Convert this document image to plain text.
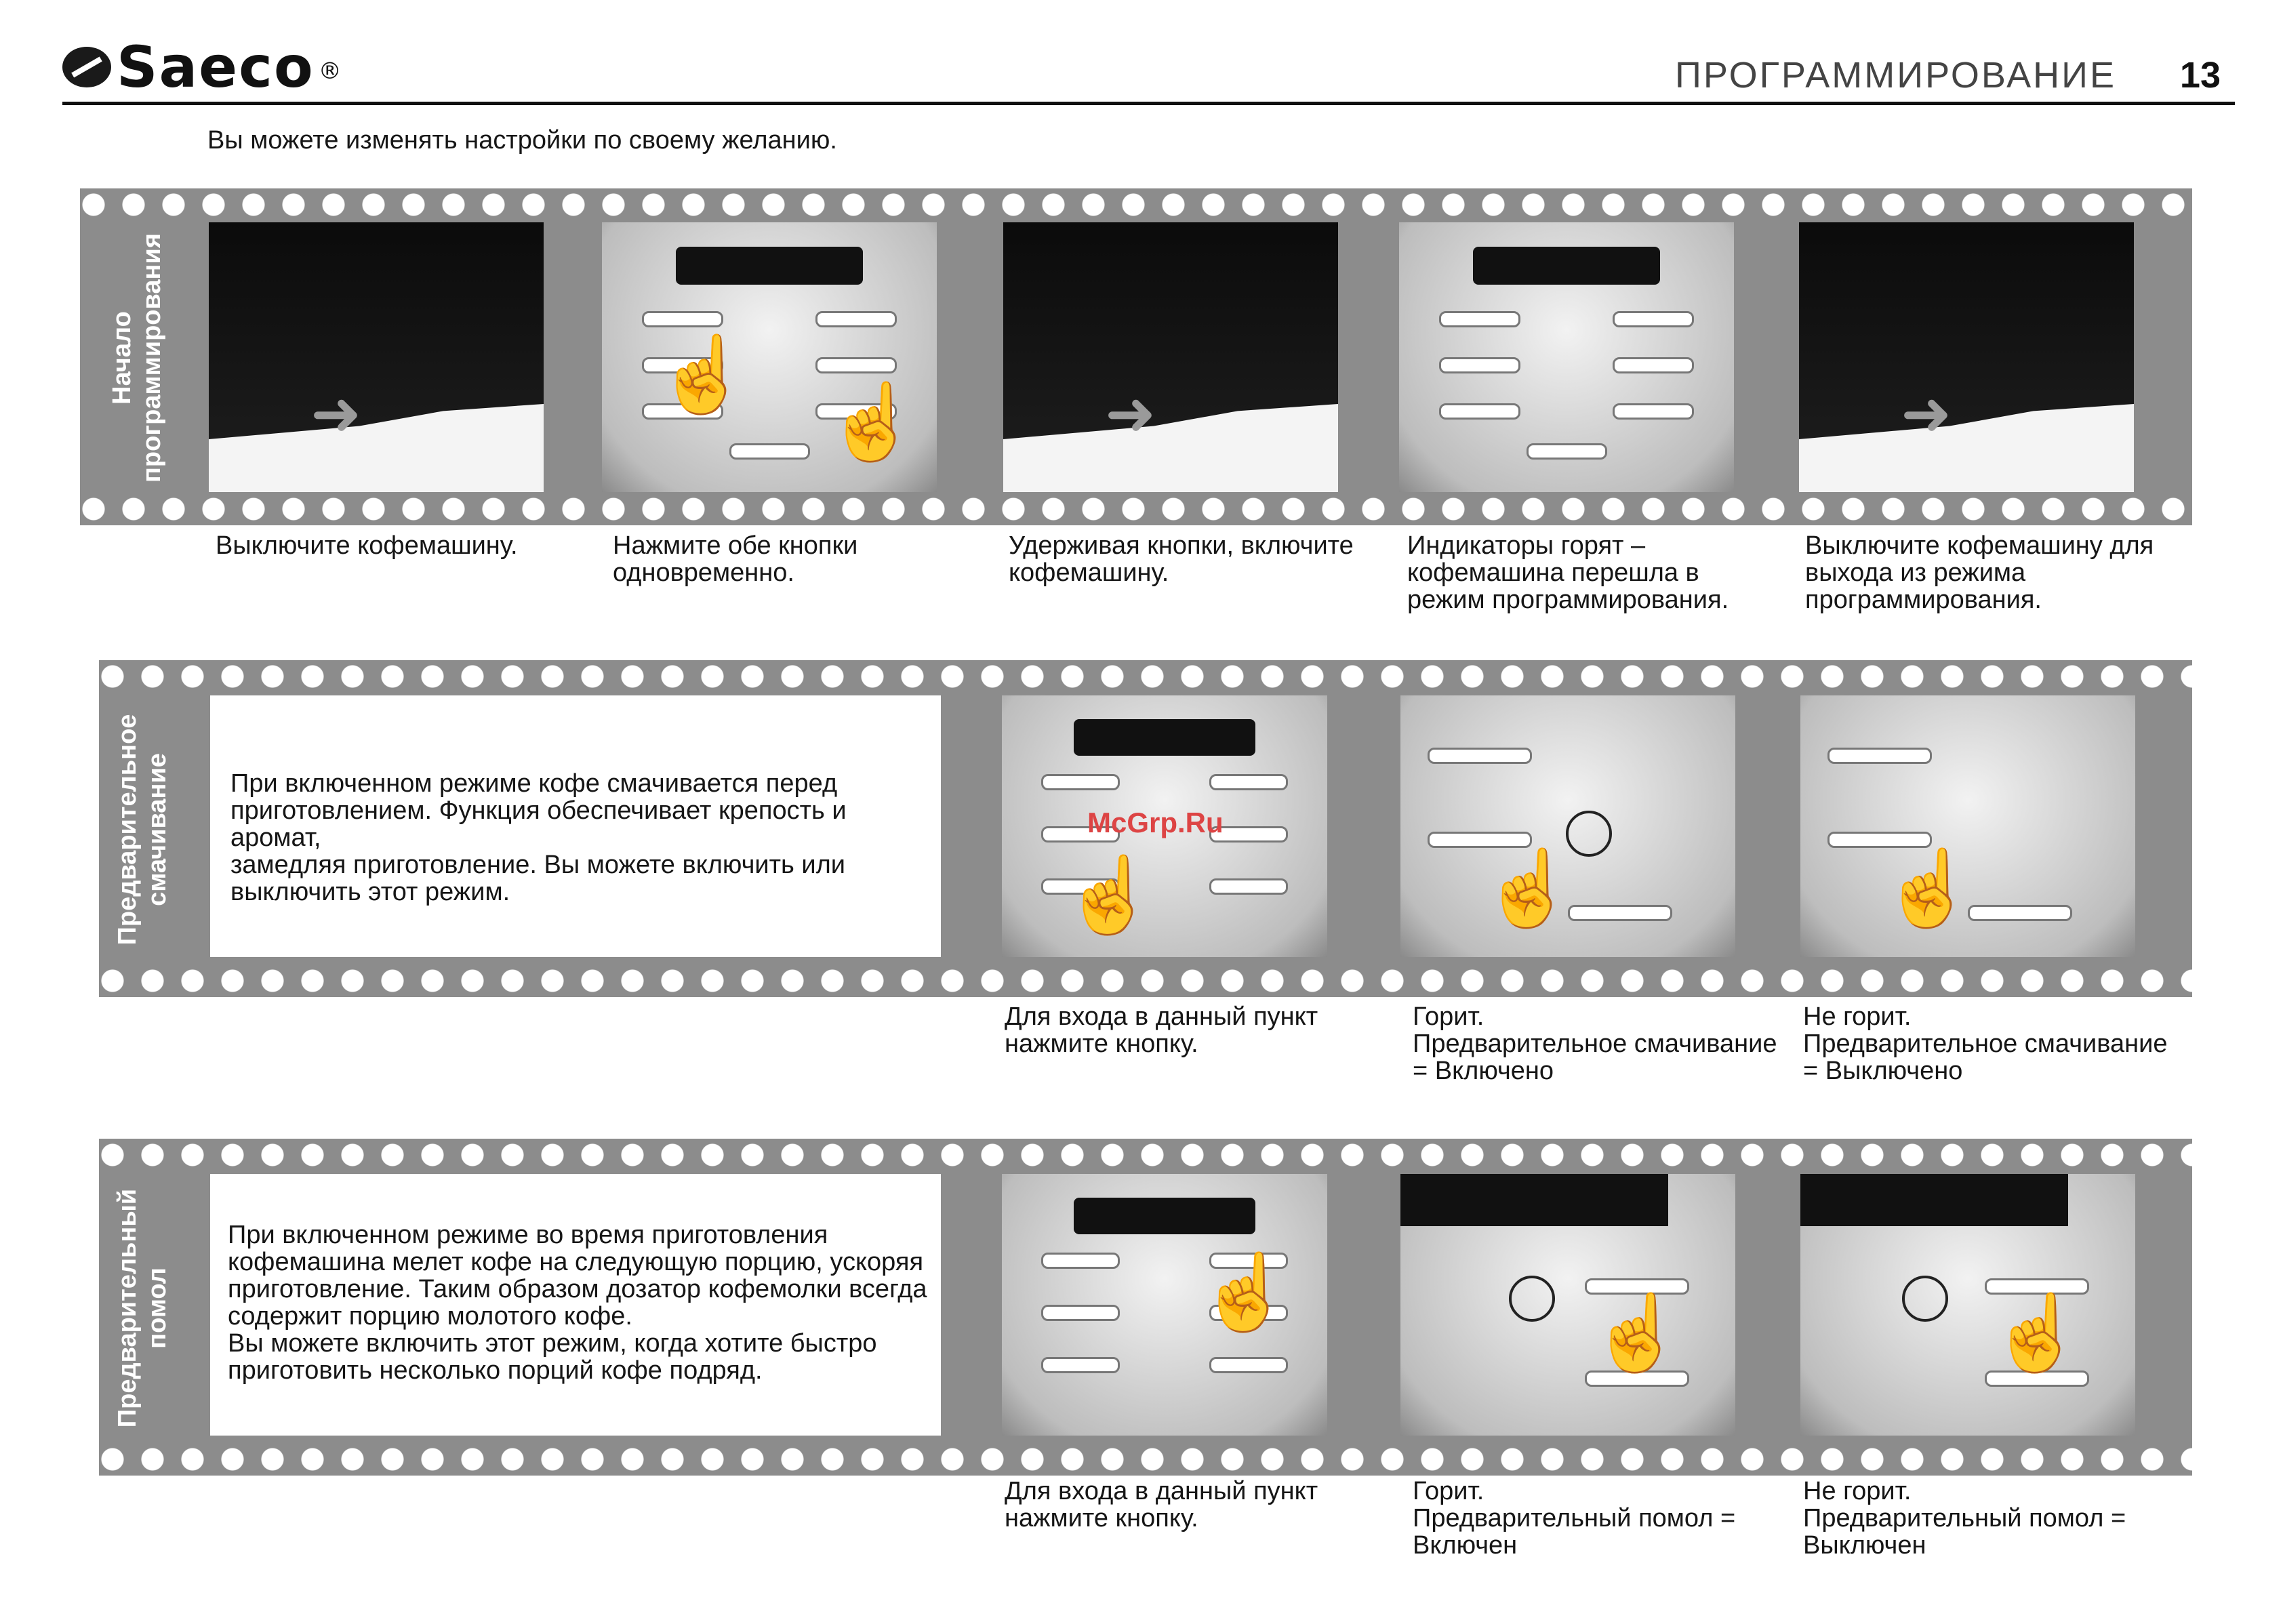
Saeco ®	ПРОГРАММИРОВАНИЕ 13
Вы можете изменять настройки по своему желанию.
Начало программирования ➜	☝
☝	➜	➜
Выключите кофемашину.	Нажмите обе кнопки
одновременно.
Удерживая кнопки, включите
кофемашину.
Индикаторы горят –
кофемашина перешла в
режим программирования.
Выключите кофемашину для
выхода из режима
программирования.
Предварительное смачивание При включенном режиме кофе смачивается перед

приготовлением. Функция обеспечивает крепость и аромат,

замедляя приготовление. Вы можете включить или

выключить этот режим.	☝	☝	☝
McGrp.Ru
Для входа в данный пункт
нажмите кнопку.
Горит.
Предварительное смачивание
= Включено
Не горит.
Предварительное смачивание
= Выключено
Предварительный помол

При включенном режиме во время приготовления

кофемашина мелет кофе на следующую порцию, ускоряя

приготовление. Таким образом дозатор кофемолки всегда

содержит порцию молотого кофе.

Вы можете включить этот режим, когда хотите быстро

приготовить несколько порций кофе подряд.

☝	☝	☝
Для входа в данный пункт
нажмите кнопку.
Горит.
Предварительный помол =
Включен
Не горит.
Предварительный помол =
Выключен
